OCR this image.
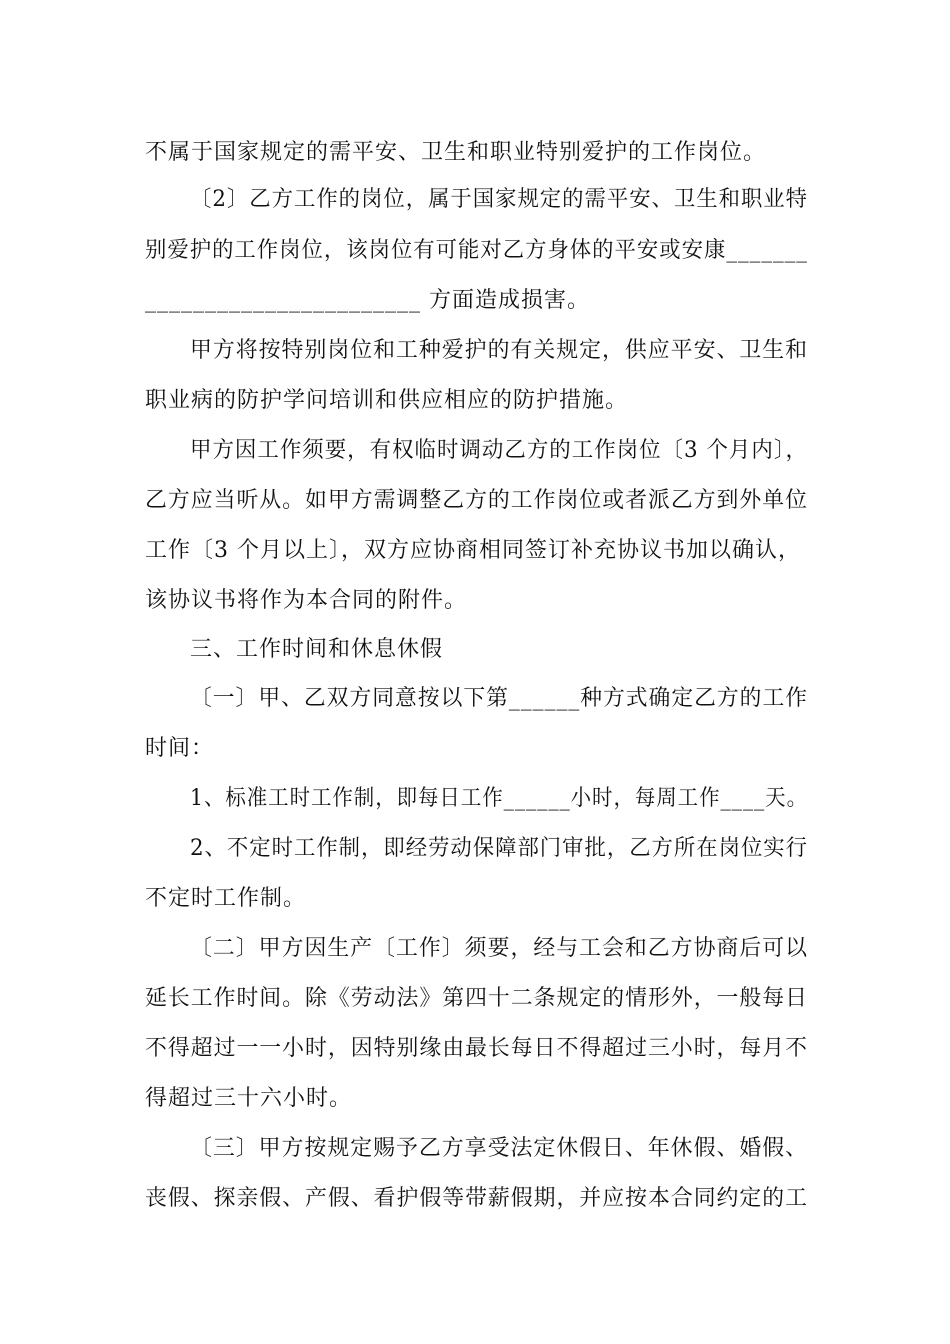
不属于国家规定的需平安、卫生和职业特别爱护的工作岗位。
〔2〕乙方工作的岗位，属于国家规定的需平安、卫生和职业特
别爱护的工作岗位，该岗位有可能对乙方身体的平安或安康_______
_______________________ 方面造成损害。
甲方将按特别岗位和工种爱护的有关规定，供应平安、卫生和
职业病的防护学问培训和供应相应的防护措施。
甲方因工作须要，有权临时调动乙方的工作岗位〔3 个月内〕，
乙方应当听从。如甲方需调整乙方的工作岗位或者派乙方到外单位
工作〔3 个月以上〕，双方应协商相同签订补充协议书加以确认，
该协议书将作为本合同的附件。
三、工作时间和休息休假
〔一〕甲、乙双方同意按以下第______种方式确定乙方的工作
时间：
1、标准工时工作制，即每日工作______小时，每周工作____天。
2、不定时工作制，即经劳动保障部门审批，乙方所在岗位实行
不定时工作制。
〔二〕甲方因生产〔工作〕须要，经与工会和乙方协商后可以
延长工作时间。除《劳动法》第四十二条规定的情形外，一般每日
不得超过一一小时，因特别缘由最长每日不得超过三小时，每月不
得超过三十六小时。
〔三〕甲方按规定赐予乙方享受法定休假日、年休假、婚假、
丧假、探亲假、产假、看护假等带薪假期，并应按本合同约定的工
